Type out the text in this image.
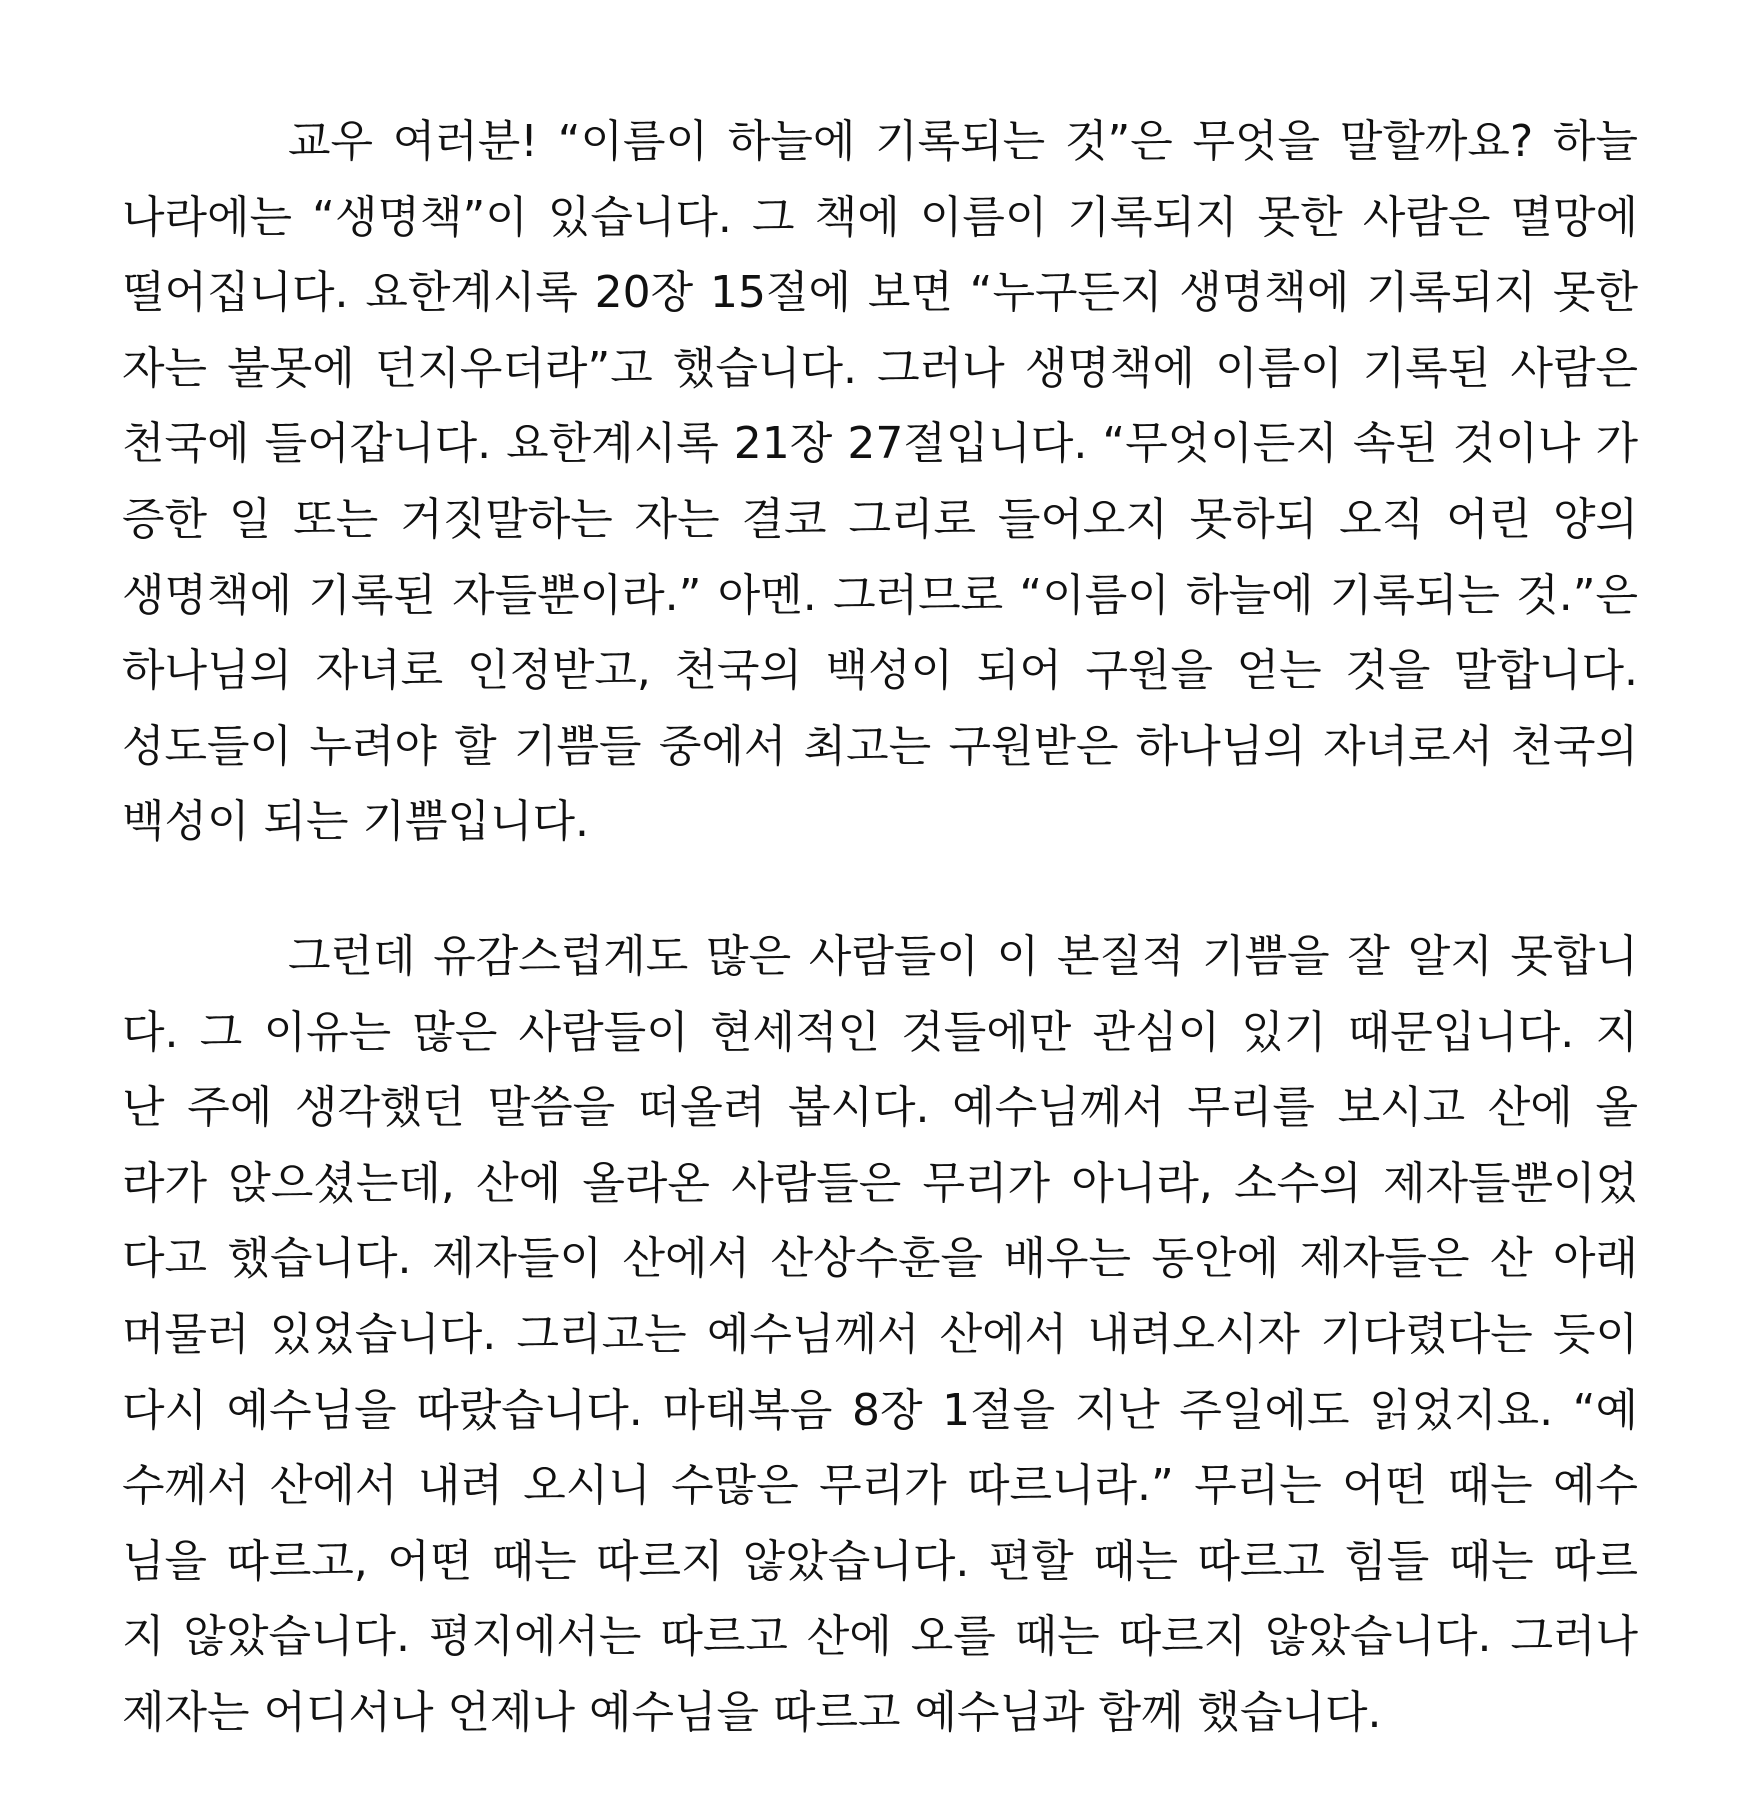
교우 여러분! “이름이 하늘에 기록되는 것”은 무엇을 말할까요? 하늘
나라에는 “생명책”이 있습니다. 그 책에 이름이 기록되지 못한 사람은 멸망에
떨어집니다. 요한계시록 20장 15절에 보면 “누구든지 생명책에 기록되지 못한
자는 불못에 던지우더라”고 했습니다. 그러나 생명책에 이름이 기록된 사람은
천국에 들어갑니다. 요한계시록 21장 27절입니다. “무엇이든지 속된 것이나 가
증한 일 또는 거짓말하는 자는 결코 그리로 들어오지 못하되 오직 어린 양의
생명책에 기록된 자들뿐이라.” 아멘. 그러므로 “이름이 하늘에 기록되는 것.”은
하나님의 자녀로 인정받고, 천국의 백성이 되어 구원을 얻는 것을 말합니다.
성도들이 누려야 할 기쁨들 중에서 최고는 구원받은 하나님의 자녀로서 천국의
백성이 되는 기쁨입니다.
그런데 유감스럽게도 많은 사람들이 이 본질적 기쁨을 잘 알지 못합니
다. 그 이유는 많은 사람들이 현세적인 것들에만 관심이 있기 때문입니다. 지
난 주에 생각했던 말씀을 떠올려 봅시다. 예수님께서 무리를 보시고 산에 올
라가 앉으셨는데, 산에 올라온 사람들은 무리가 아니라, 소수의 제자들뿐이었
다고 했습니다. 제자들이 산에서 산상수훈을 배우는 동안에 제자들은 산 아래
머물러 있었습니다. 그리고는 예수님께서 산에서 내려오시자 기다렸다는 듯이
다시 예수님을 따랐습니다. 마태복음 8장 1절을 지난 주일에도 읽었지요. “예
수께서 산에서 내려 오시니 수많은 무리가 따르니라.” 무리는 어떤 때는 예수
님을 따르고, 어떤 때는 따르지 않았습니다. 편할 때는 따르고 힘들 때는 따르
지 않았습니다. 평지에서는 따르고 산에 오를 때는 따르지 않았습니다. 그러나
제자는 어디서나 언제나 예수님을 따르고 예수님과 함께 했습니다.
